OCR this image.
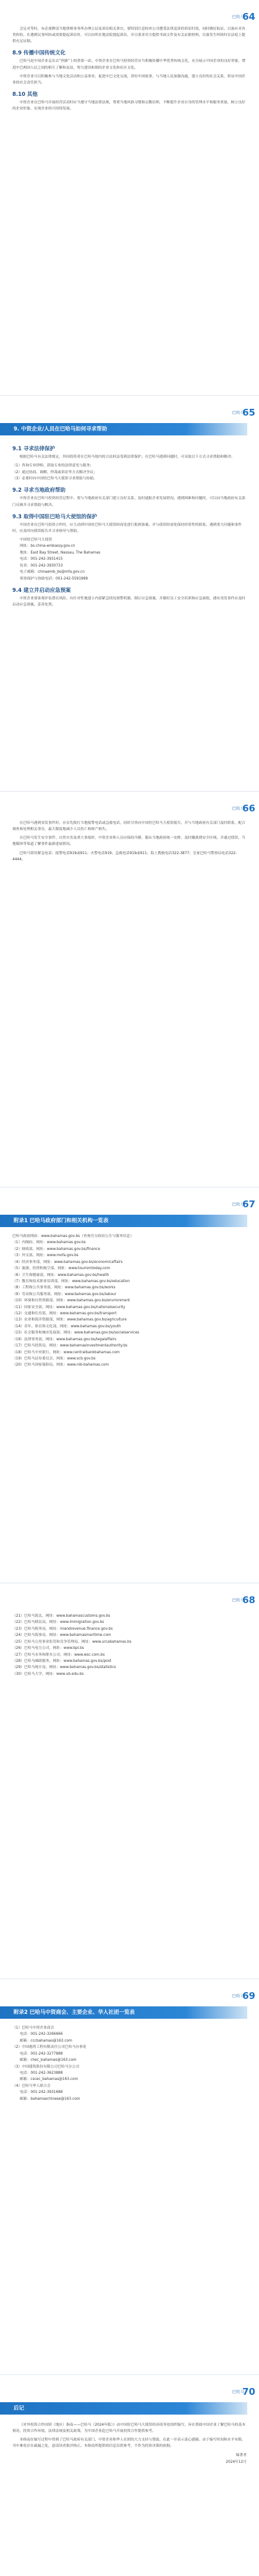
巴哈马
64

会足对等时，有必要聘请当地律师事务所办理公证及诉讼相关事宜。要特别注意检查公司遭受法律追诉的诉讼时效，同时做好取证，以备应对各类纠纷。在遇到民事纠纷或需要提起诉讼时，可以向所在地法院提起诉讼，并且要求对方提供书面文件及有关证据材料，以备发生纠纷时在法庭上提供充足证据。

8.9 传播中国传统文化

巴哈马是中国企业走出去“丝路”上的重要一站。中资企业在巴哈马投资经营应当积极传播中华优秀传统文化，充分展示中国企业的良好形象，增进中巴两国人民之间的相互了解和友谊，努力建设和谐的企业文化和社区文化。

中资企业可以积极参与当地文化活动和公益事业，促进中巴文化交流，讲好中国故事，与当地人民加强沟通，建立良好的社会关系，彰显中国企业的社会责任担当。

8.10 其他

中资企业在巴哈马开展经营活动时应当遵守当地法律法规，尊重当地风俗习惯和宗教信仰，不断提升企业自身的管理水平和服务质量，树立良好的企业形象，实现企业的可持续发展。

巴哈马
65
9. 中资企业/人员在巴哈马如何寻求帮助
9.1 寻求法律保护

根据巴哈马有关法律规定，外国投资者在巴哈马境内的合法权益受到法律保护。在巴哈马遇到问题时，可采取以下方式寻求帮助和解决：

（1）咨询专业律师，获取专业的法律意见与服务；

（2）通过协商、调解、仲裁或诉讼等方式解决争议；

（3）必要时向中国驻巴哈马大使馆寻求帮助与协助。

9.2 寻求当地政府帮助

中资企业在巴哈马投资经营过程中，要与当地政府有关部门建立良好关系，及时通报企业发展情况。遇到困难和问题时，可以向当地政府有关部门反映并寻求帮助与解决。

9.3 取得中国驻巴哈马大使馆的保护

中国企业在巴哈马投资合作时，应主动到中国驻巴哈马大使馆经商处进行报到备案，并与使馆经商处保持经常性的联系。遇到重大问题和事件时，应及时向使馆报告并寻求指导与帮助。

中国驻巴哈马大使馆

网址：bs.china-embassy.gov.cn

地址：East Bay Street, Nassau, The Bahamas

电话：001-242-3931415

传真：001-242-3930733

电子邮箱：chinaemb_bs@mfa.gov.cn

领事保护与协助电话：001-242-5591989

9.4 建立并启动应急预案

中资企业要客观评估潜在风险，有针对性地建立内部紧急情况预警机制，制订应急预案，并做好员工安全培训和应急演练，遇有突发事件应及时启动应急预案，妥善处置。

巴哈马
66

在巴哈马遇到突发事件时，应首先拨打当地报警电话或急救电话，同时尽快向中国驻巴哈马大使馆报告，并与当地政府有关部门及时联系，配合调查和处理相关事宜，最大限度地减少人员伤亡和财产损失。

在巴哈马发生安全事件、自然灾害及重大事故时，中资企业和人员应保持冷静，服从当地政府统一安排，及时撤离到安全区域，并通过使馆、当地媒体等渠道了解事件最新进展情况。

巴哈马常用紧急电话：报警电话919或911；火警电话919；急救电话919或911；海上搜救电话322-3877；皇家巴哈马警察局电话322-4444。

巴哈马
67
附录1 巴哈马政府部门和相关机构一览表

巴哈马政府网站：www.bahamas.gov.bs（查询官方政府公告与服务信息）

（1）内阁府，网址：www.bahamas.gov.bs

（2）财政部，网址：www.bahamas.gov.bs/finance

（3）外交部，网址：www.mofa.gov.bs

（4）经济事务部，网址：www.bahamas.gov.bs/economicaffairs

（5）旅游、投资和航空部，网址：www.tourismtoday.com

（6）卫生和健康部，网址：www.bahamas.gov.bs/health

（7）教育和技术职业培训部，网址：www.bahamas.gov.bs/education

（8）工程和公共事务部，网址：www.bahamas.gov.bs/works

（9）劳动和公共服务部，网址：www.bahamas.gov.bs/labour

（10）环境和自然资源部，网址：www.bahamas.gov.bs/environment

（11）国家安全部，网址：www.bahamas.gov.bs/nationalsecurity

（12）交通和住房部，网址：www.bahamas.gov.bs/transport

（13）农业和海洋资源部，网址：www.bahamas.gov.bs/agriculture

（14）青年、体育和文化部，网址：www.bahamas.gov.bs/youth

（15）社会服务和城市发展部，网址：www.bahamas.gov.bs/socialservices

（16）法律事务部，网址：www.bahamas.gov.bs/legalaffairs

（17）巴哈马投资局，网址：www.bahamasinvestmentauthority.bs

（18）巴哈马中央银行，网址：www.centralbankbahamas.com

（19）巴哈马证券委员会，网址：www.scb.gov.bs

（20）巴哈马国家保险局，网址：www.nib-bahamas.com

巴哈马
68

（21）巴哈马海关，网址：www.bahamascustoms.gov.bs

（22）巴哈马移民局，网址：www.immigration.gov.bs

（23）巴哈马税务局，网址：inlandrevenue.finance.gov.bs

（24）巴哈马海事局，网址：www.bahamasmaritime.com

（25）巴哈马公用事业监管和竞争管理局，网址：www.urcabahamas.bs

（26）巴哈马电力公司，网址：www.bpl.bs

（27）巴哈马水务和排水公司，网址：www.wsc.com.bs

（28）巴哈马邮政服务，网址：www.bahamas.gov.bs/post

（29）巴哈马统计局，网址：www.bahamas.gov.bs/statistics

（30）巴哈马大学，网址：www.ub.edu.bs

巴哈马
69
附录2 巴哈马中资商会、主要企业、华人社团一览表

（1）巴哈马中资企业商会

电话：001-242-3266666

邮箱：cccbahamas@163.com

（2）中国港湾工程有限责任公司巴哈马办事处

电话：001-242-3277888

邮箱：chec_bahamas@163.com

（3）中国建筑股份有限公司巴哈马分公司

电话：001-242-3623888

邮箱：cscec_bahamas@163.com

（4）巴哈马华人联合会

电话：001-242-3931688

邮箱：bahamaschinese@163.com

巴哈马
70
后记

《对外投资合作国别（地区）指南——巴哈马（2024年版）》由中国驻巴哈马大使馆经济商务处组织编写，旨在帮助中国企业了解巴哈马的基本情况、投资合作环境、法律法规及相关政策，为中国企业赴巴哈马开展投资合作提供参考。

本指南在编写过程中得到了巴哈马政府有关部门、中资企业和华人社团的大力支持与帮助，在此一并表示衷心感谢。由于编写时间和水平有限，书中难免存在疏漏之处，恳请读者批评指正。本指南所提供的信息仅供参考，不作为投资决策的依据。

编著者
2024年12月
